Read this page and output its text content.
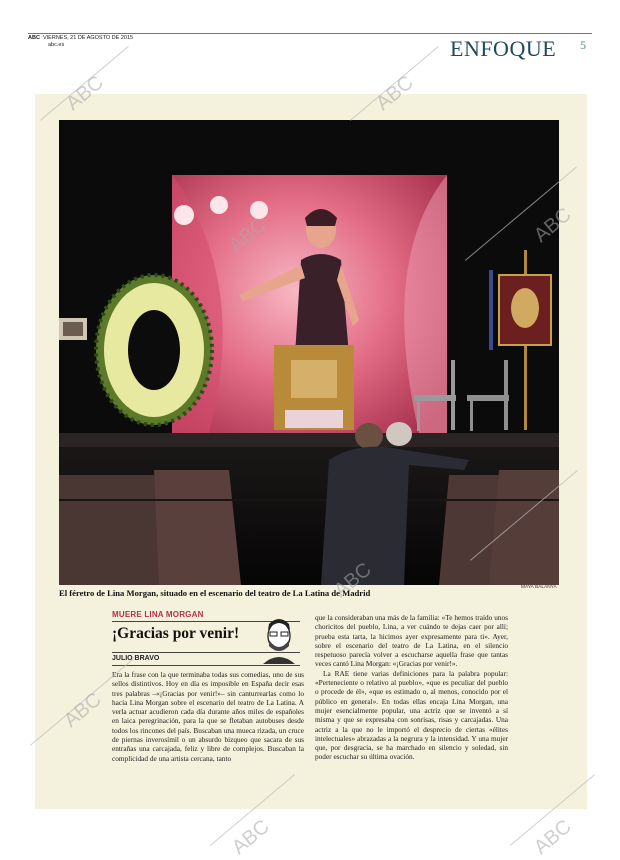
ABC VIERNES, 21 DE AGOSTO DE 2015
abc.es	ENFOQUE 5
El féretro de Lina Morgan, situado en el escenario del teatro de La Latina de Madrid
MAYA BALANYA
MUERE LINA MORGAN
¡Gracias por venir!
JULIO BRAVO

Era la frase con la que terminaba todas sus comedias, uno de sus sellos distintivos. Hoy en día es imposible en España decir esas tres palabras –«¡Gracias por venir!»– sin canturrearlas como lo hacía Lina Morgan sobre el escenario del teatro de La Latina. A verla actuar acudieron cada día durante años miles de españoles en laica peregrinación, para la que se fletaban autobuses desde todos los rincones del país. Buscaban una mueca rizada, un cruce de piernas inverosímil o un absurdo bizqueo que sacara de sus entrañas una carcajada, feliz y libre de complejos. Buscaban la complicidad de una artista cercana, tanto

que la consideraban una más de la familia: «Te hemos traído unos choricitos del pueblo, Lina, a ver cuándo te dejas caer por allí; prueba esta tarta, la hicimos ayer expresamente para ti». Ayer, sobre el escenario del teatro de La Latina, en el silencio respetuoso parecía volver a escucharse aquella frase que tantas veces cantó Lina Morgan: «¡Gracias por venir!».

La RAE tiene varias definiciones para la palabra popular: «Perteneciente o relativo al pueblo», «que es peculiar del pueblo o procede de él», «que es estimado o, al menos, conocido por el público en general». En todas ellas encaja Lina Morgan, una mujer esencialmente popular, una actriz que se inventó a sí misma y que se expresaba con sonrisas, risas y carcajadas. Una actriz a la que no le importó el desprecio de ciertas «élites intelectuales» abrazadas a la negrura y la intensidad. Y una mujer que, por desgracia, se ha marchado en silencio y soledad, sin poder escuchar su última ovación.

ABC	ABC
ABC
ABC
ABC
ABC
ABC	ABC
